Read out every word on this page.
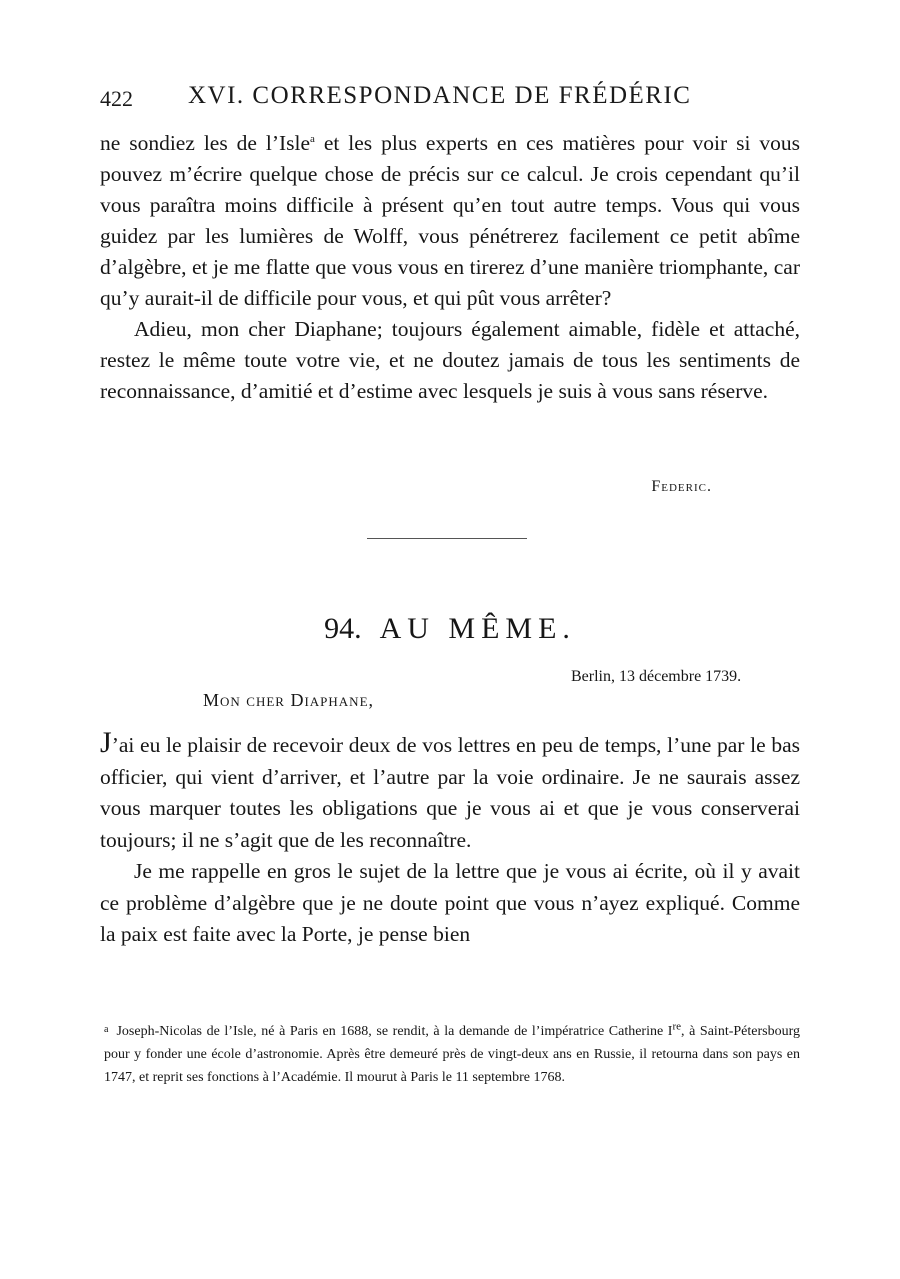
422 XVI. CORRESPONDANCE DE FRÉDÉRIC

ne sondiez les de l’Isle$^a$ et les plus experts en ces matières pour voir si vous pouvez m’écrire quelque chose de précis sur ce calcul. Je crois cependant qu’il vous paraîtra moins difficile à présent qu’en tout autre temps. Vous qui vous guidez par les lumières de Wolff, vous pénétrerez facilement ce petit abîme d’algèbre, et je me flatte que vous vous en tirerez d’une manière triomphante, car qu’y aurait-il de difficile pour vous, et qui pût vous arrêter?

Adieu, mon cher Diaphane; toujours également aimable, fidèle et attaché, restez le même toute votre vie, et ne doutez jamais de tous les sentiments de reconnaissance, d’amitié et d’estime avec lesquels je suis à vous sans réserve.

Federic.
94. AU MÊME.
Berlin, 13 décembre 1739.
Mon cher Diaphane,

J’ai eu le plaisir de recevoir deux de vos lettres en peu de temps, l’une par le bas officier, qui vient d’arriver, et l’autre par la voie ordinaire. Je ne saurais assez vous marquer toutes les obligations que je vous ai et que je vous conserverai toujours; il ne s’agit que de les reconnaître.

Je me rappelle en gros le sujet de la lettre que je vous ai écrite, où il y avait ce problème d’algèbre que je ne doute point que vous n’ayez expliqué. Comme la paix est faite avec la Porte, je pense bien

$^a$ Joseph-Nicolas de l’Isle, né à Paris en 1688, se rendit, à la demande de l’impératrice Catherine Ire, à Saint-Pétersbourg pour y fonder une école d’astronomie. Après être demeuré près de vingt-deux ans en Russie, il retourna dans son pays en 1747, et reprit ses fonctions à l’Académie. Il mourut à Paris le 11 septembre 1768.
